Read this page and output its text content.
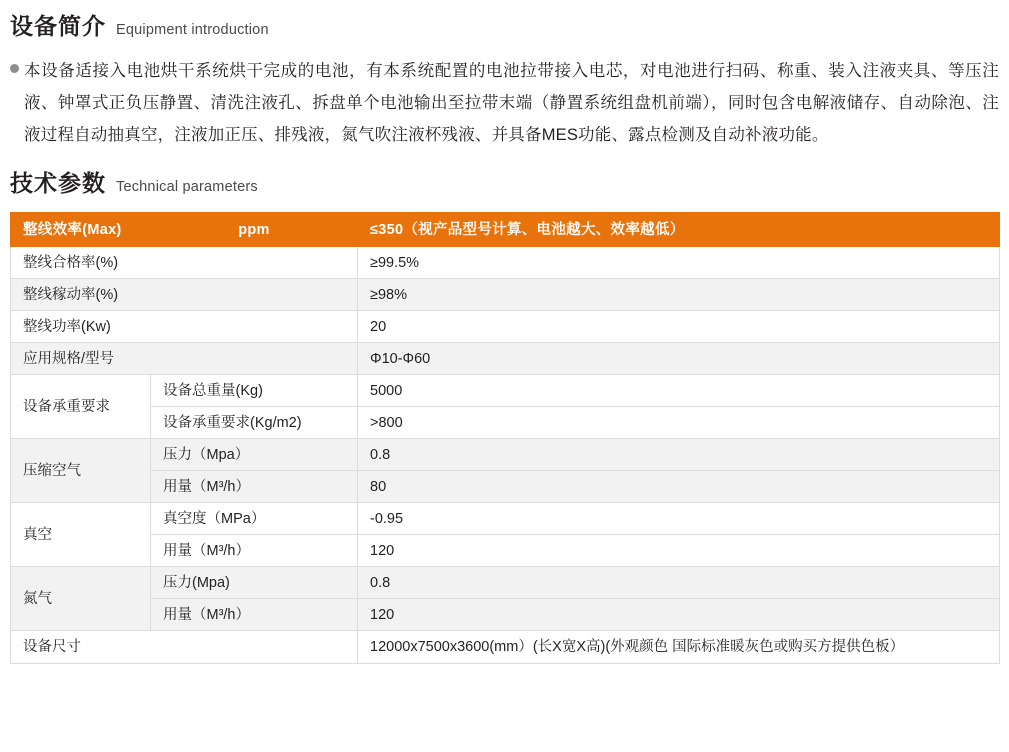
设备简介 Equipment introduction
本设备适接入电池烘干系统烘干完成的电池，有本系统配置的电池拉带接入电芯，对电池进行扫码、称重、装入注液夹具、等压注液、钟罩式正负压静置、清洗注液孔、拆盘单个电池输出至拉带末端（静置系统组盘机前端），同时包含电解液储存、自动除泡、注液过程自动抽真空，注液加正压、排残液，氮气吹注液杯残液、并具备MES功能、露点检测及自动补液功能。
技术参数 Technical parameters
整线效率(Max)	ppm	≤350（视产品型号计算、电池越大、效率越低）
整线合格率(%)		≥99.5%
整线稼动率(%)		≥98%
整线功率(Kw)		20
应用规格/型号		Φ10-Φ60
设备承重要求	设备总重量(Kg)	5000
	设备承重要求(Kg/m2)	>800
压缩空气	压力（Mpa）	0.8
	用量（M³/h）	80
真空	真空度（MPa）	-0.95
	用量（M³/h）	120
氮气	压力(Mpa)	0.8
	用量（M³/h）	120
设备尺寸		12000x7500x3600(mm）(长X宽X高)(外观颜色 国际标准暖灰色或购买方提供色板）
